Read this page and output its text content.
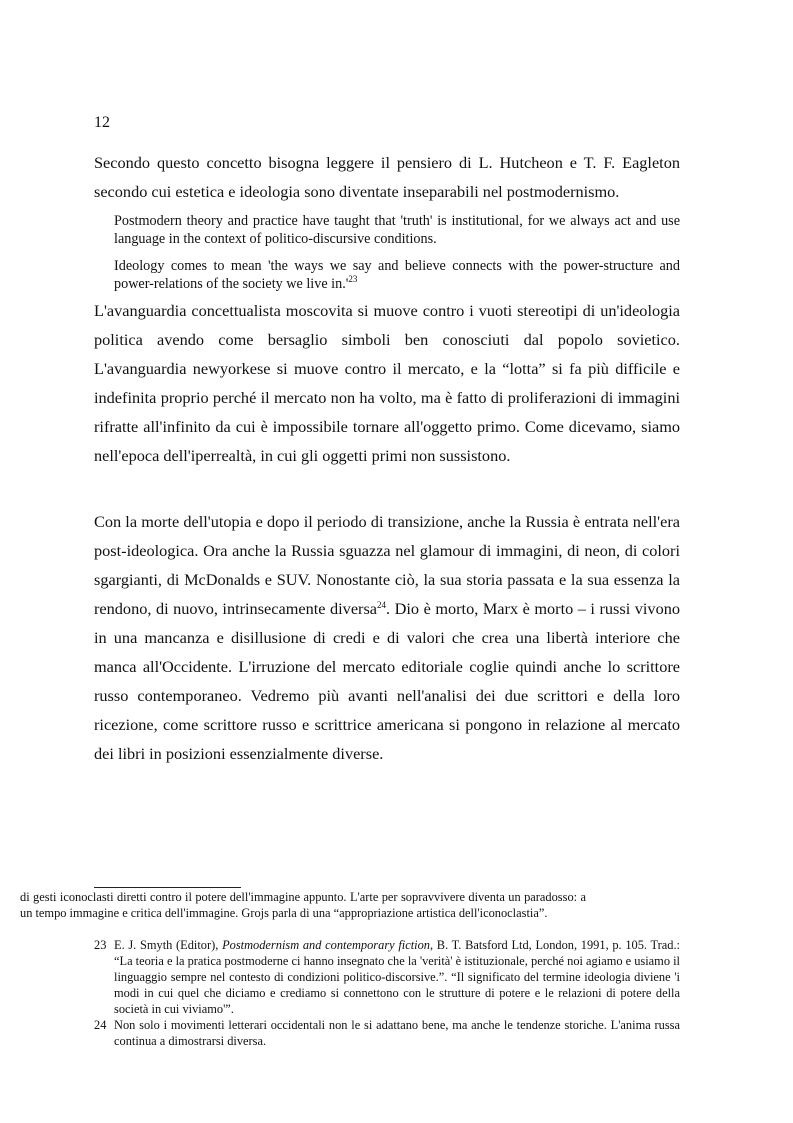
12

Secondo questo concetto bisogna leggere il pensiero di L. Hutcheon e T. F. Eagleton secondo cui estetica e ideologia sono diventate inseparabili nel postmodernismo.

Postmodern theory and practice have taught that 'truth' is institutional, for we always act and use language in the context of politico-discursive conditions.

Ideology comes to mean 'the ways we say and believe connects with the power-structure and power-relations of the society we live $in.'^{23}$

L'avanguardia concettualista moscovita si muove contro i vuoti stereotipi di un'ideologia politica avendo come bersaglio simboli ben conosciuti dal popolo sovietico. L'avanguardia newyorkese si muove contro il mercato, e la “lotta” si fa più difficile e indefinita proprio perché il mercato non ha volto, ma è fatto di proliferazioni di immagini rifratte all'infinito da cui è impossibile tornare all'oggetto primo. Come dicevamo, siamo nell'epoca dell'iperrealtà, in cui gli oggetti primi non sussistono.

Con la morte dell'utopia e dopo il periodo di transizione, anche la Russia è entrata nell'era post-ideologica. Ora anche la Russia sguazza nel glamour di immagini, di neon, di colori sgargianti, di McDonalds e SUV. Nonostante ciò, la sua storia passata e la sua essenza la rendono, di nuovo, intrinsecamente diversa$^{24}$. Dio è morto, Marx è morto – i russi vivono in una mancanza e disillusione di credi e di valori che crea una libertà interiore che manca all'Occidente. L'irruzione del mercato editoriale coglie quindi anche lo scrittore russo contemporaneo. Vedremo più avanti nell'analisi dei due scrittori e della loro ricezione, come scrittore russo e scrittrice americana si pongono in relazione al mercato dei libri in posizioni essenzialmente diverse.

di gesti iconoclasti diretti contro il potere dell'immagine appunto. L'arte per sopravvivere diventa un paradosso: a un tempo immagine e critica dell'immagine. Grojs parla di una “appropriazione artistica dell'iconoclastia”.

23 E. J. Smyth (Editor), Postmodernism and contemporary fiction, B. T. Batsford Ltd, London, 1991, p. 105. Trad.: “La teoria e la pratica postmoderne ci hanno insegnato che la 'verità' è istituzionale, perché noi agiamo e usiamo il linguaggio sempre nel contesto di condizioni politico-discorsive.”. “Il significato del termine ideologia diviene 'i modi in cui quel che diciamo e crediamo si connettono con le strutture di potere e le relazioni di potere della società in cui viviamo'”.

24 Non solo i movimenti letterari occidentali non le si adattano bene, ma anche le tendenze storiche. L'anima russa continua a dimostrarsi diversa.
